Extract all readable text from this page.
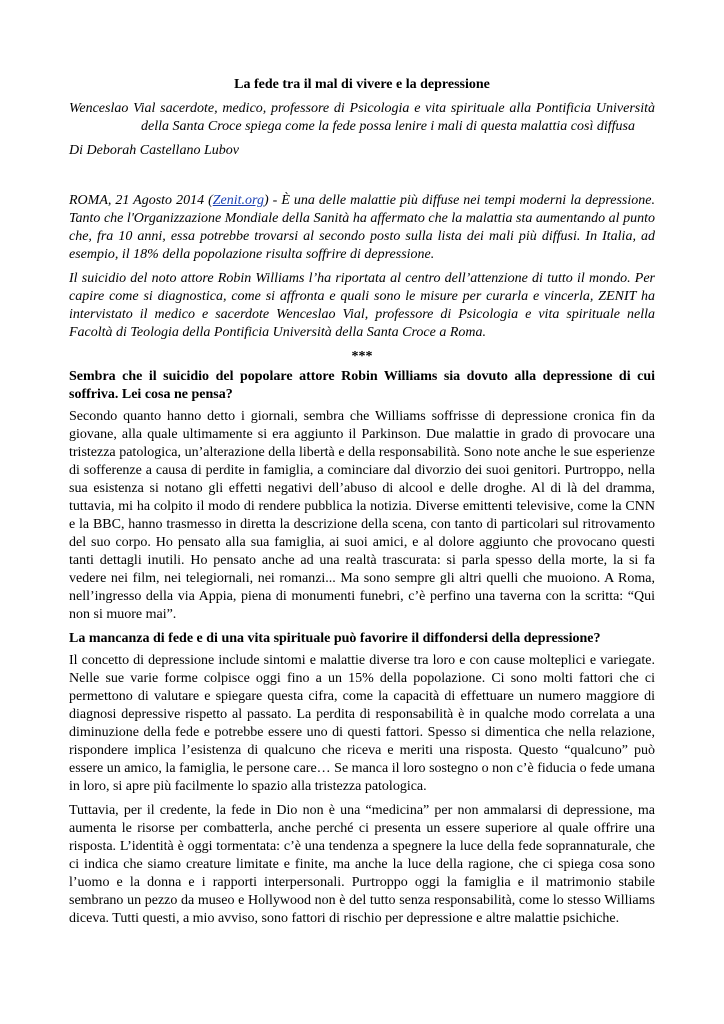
La fede tra il mal di vivere e la depressione

Wenceslao Vial sacerdote, medico, professore di Psicologia e vita spirituale alla Pontificia Università della Santa Croce spiega come la fede possa lenire i mali di questa malattia così diffusa

Di Deborah Castellano Lubov

ROMA, 21 Agosto 2014 (Zenit.org) - È una delle malattie più diffuse nei tempi moderni la depressione. Tanto che l'Organizzazione Mondiale della Sanità ha affermato che la malattia sta aumentando al punto che, fra 10 anni, essa potrebbe trovarsi al secondo posto sulla lista dei mali più diffusi. In Italia, ad esempio, il 18% della popolazione risulta soffrire di depressione.

Il suicidio del noto attore Robin Williams l’ha riportata al centro dell’attenzione di tutto il mondo. Per capire come si diagnostica, come si affronta e quali sono le misure per curarla e vincerla, ZENIT ha intervistato il medico e sacerdote Wenceslao Vial, professore di Psicologia e vita spirituale nella Facoltà di Teologia della Pontificia Università della Santa Croce a Roma.

***

Sembra che il suicidio del popolare attore Robin Williams sia dovuto alla depressione di cui soffriva. Lei cosa ne pensa?

Secondo quanto hanno detto i giornali, sembra che Williams soffrisse di depressione cronica fin da giovane, alla quale ultimamente si era aggiunto il Parkinson. Due malattie in grado di provocare una tristezza patologica, un’alterazione della libertà e della responsabilità. Sono note anche le sue esperienze di sofferenze a causa di perdite in famiglia, a cominciare dal divorzio dei suoi genitori. Purtroppo, nella sua esistenza si notano gli effetti negativi dell’abuso di alcool e delle droghe. Al di là del dramma, tuttavia, mi ha colpito il modo di rendere pubblica la notizia. Diverse emittenti televisive, come la CNN e la BBC, hanno trasmesso in diretta la descrizione della scena, con tanto di particolari sul ritrovamento del suo corpo. Ho pensato alla sua famiglia, ai suoi amici, e al dolore aggiunto che provocano questi tanti dettagli inutili. Ho pensato anche ad una realtà trascurata: si parla spesso della morte, la si fa vedere nei film, nei telegiornali, nei romanzi... Ma sono sempre gli altri quelli che muoiono. A Roma, nell’ingresso della via Appia, piena di monumenti funebri, c’è perfino una taverna con la scritta: “Qui non si muore mai”.

La mancanza di fede e di una vita spirituale può favorire il diffondersi della depressione?

Il concetto di depressione include sintomi e malattie diverse tra loro e con cause molteplici e variegate. Nelle sue varie forme colpisce oggi fino a un 15% della popolazione. Ci sono molti fattori che ci permettono di valutare e spiegare questa cifra, come la capacità di effettuare un numero maggiore di diagnosi depressive rispetto al passato. La perdita di responsabilità è in qualche modo correlata a una diminuzione della fede e potrebbe essere uno di questi fattori. Spesso si dimentica che nella relazione, rispondere implica l’esistenza di qualcuno che riceva e meriti una risposta. Questo “qualcuno” può essere un amico, la famiglia, le persone care… Se manca il loro sostegno o non c’è fiducia o fede umana in loro, si apre più facilmente lo spazio alla tristezza patologica.

Tuttavia, per il credente, la fede in Dio non è una “medicina” per non ammalarsi di depressione, ma aumenta le risorse per combatterla, anche perché ci presenta un essere superiore al quale offrire una risposta. L’identità è oggi tormentata: c’è una tendenza a spegnere la luce della fede soprannaturale, che ci indica che siamo creature limitate e finite, ma anche la luce della ragione, che ci spiega cosa sono l’uomo e la donna e i rapporti interpersonali. Purtroppo oggi la famiglia e il matrimonio stabile sembrano un pezzo da museo e Hollywood non è del tutto senza responsabilità, come lo stesso Williams diceva. Tutti questi, a mio avviso, sono fattori di rischio per depressione e altre malattie psichiche.
